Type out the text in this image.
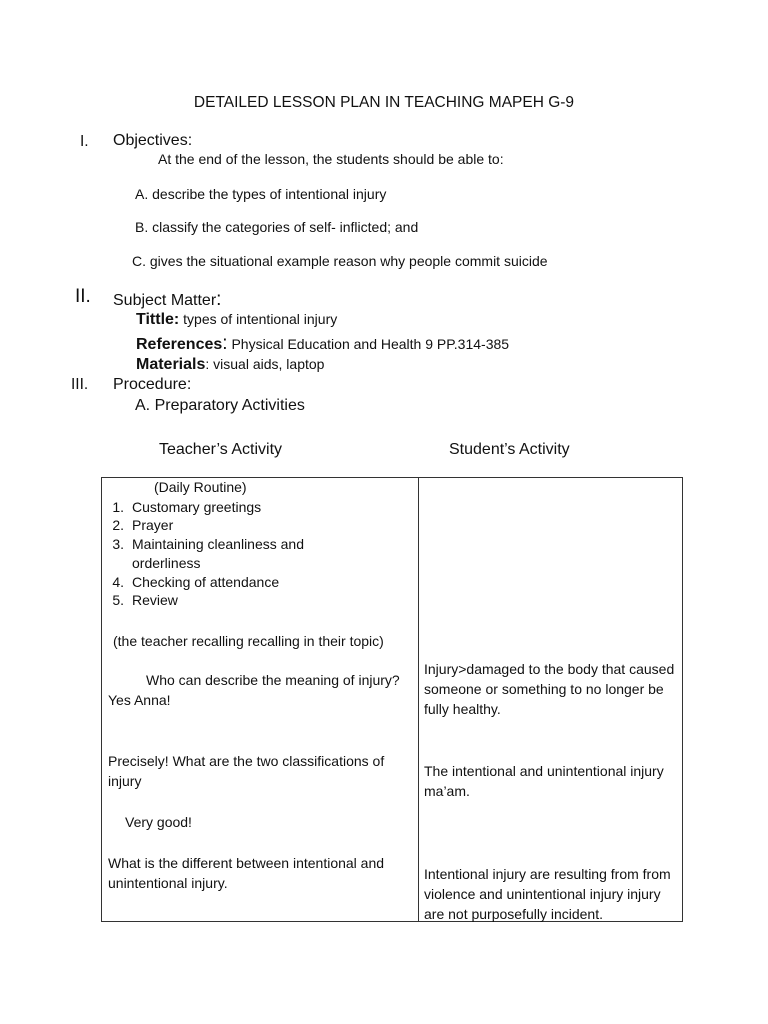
DETAILED LESSON PLAN IN TEACHING MAPEH G-9
I. Objectives:
At the end of the lesson, the students should be able to:
A. describe the types of intentional injury
B. classify the categories of self- inflicted; and
C. gives the situational example reason why people commit suicide
II. Subject Matter:
Tittle: types of intentional injury
References: Physical Education and Health 9 PP.314-385
Materials: visual aids, laptop
III. Procedure:
A. Preparatory Activities
Teacher’s Activity	Student’s Activity
(Daily Routine)
1. Customary greetings
2. Prayer
3. Maintaining cleanliness and
orderliness
4. Checking of attendance
5. Review
(the teacher recalling recalling in their topic)
Who can describe the meaning of injury? Yes Anna!
Precisely! What are the two classifications of injury
Very good!
What is the different between intentional and unintentional injury.
Injury>damaged to the body that caused someone or something to no longer be fully healthy.
The intentional and unintentional injury ma’am.
Intentional injury are resulting from from violence and unintentional injury injury are not purposefully incident.
